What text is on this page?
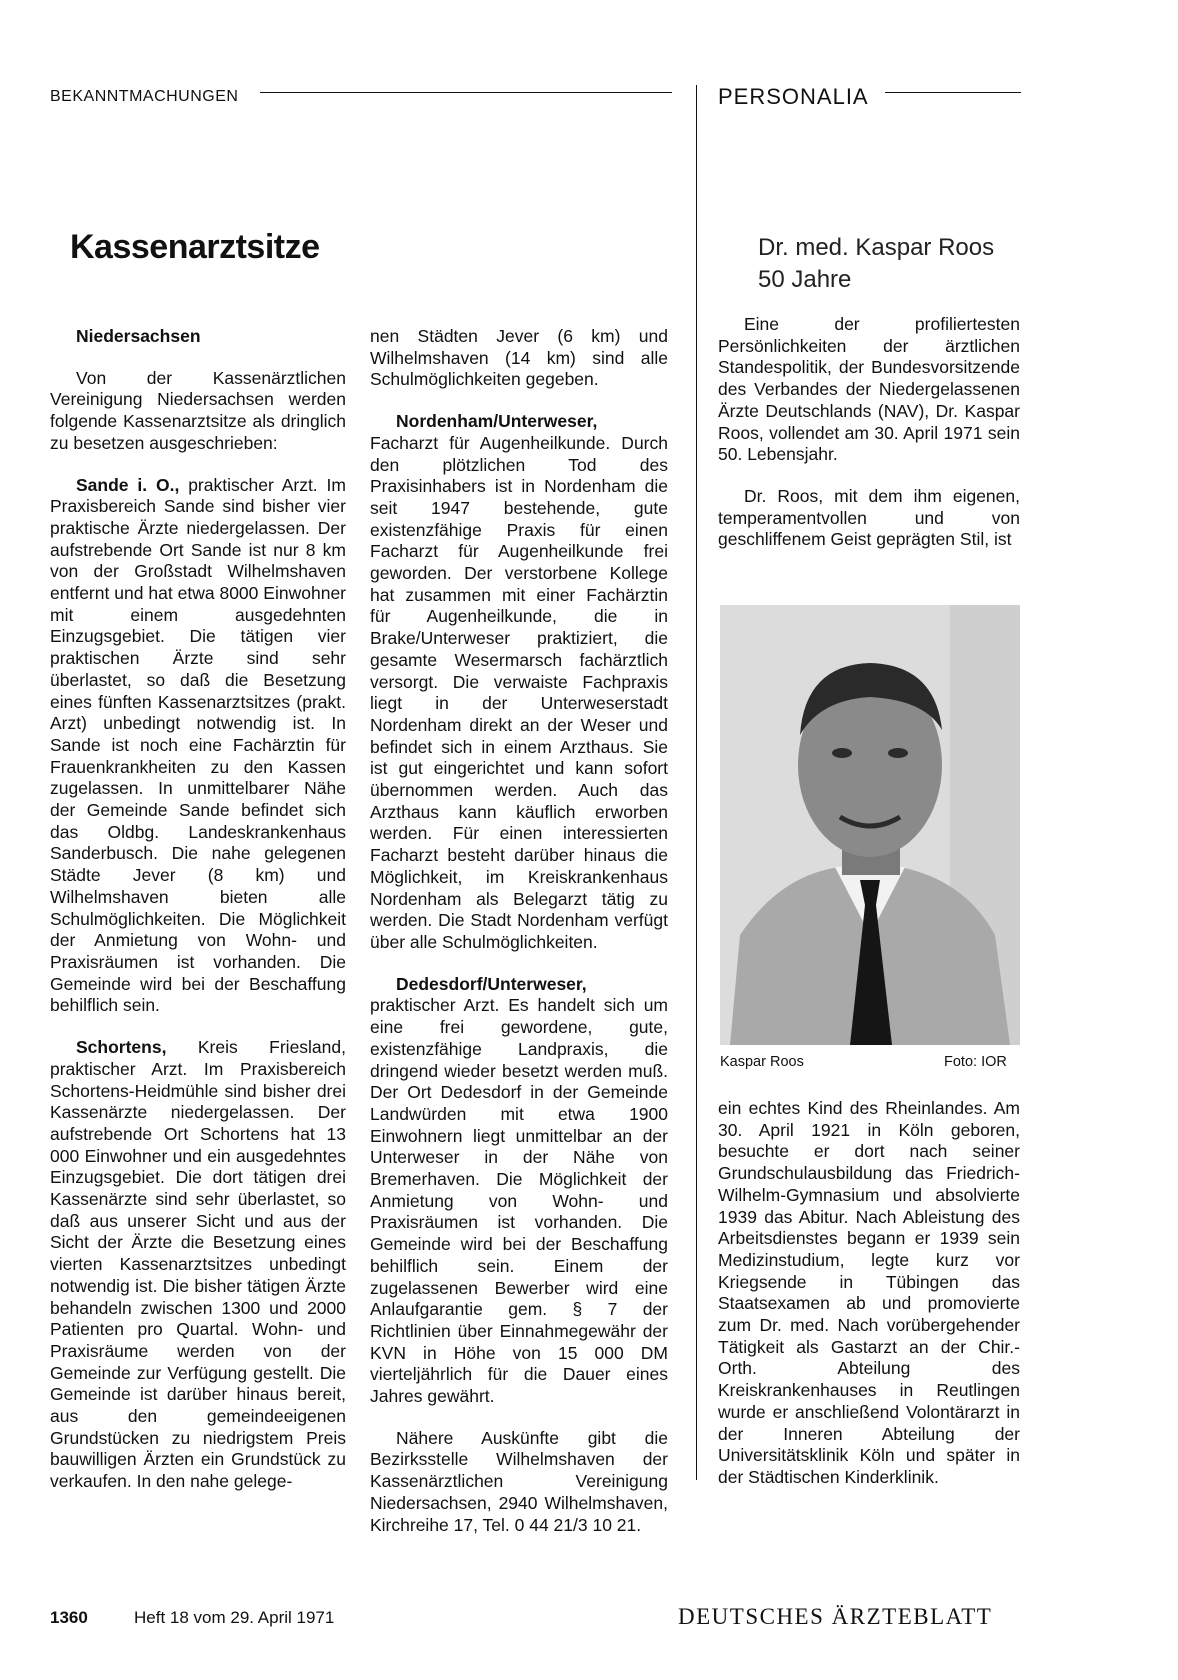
BEKANNTMACHUNGEN	PERSONALIA
Kassenarztsitze

Niedersachsen

Von der Kassenärztlichen Vereinigung Niedersachsen werden folgende Kassenarztsitze als dringlich zu besetzen ausgeschrieben:

Sande i. O., praktischer Arzt. Im Praxisbereich Sande sind bisher vier praktische Ärzte niedergelassen. Der aufstrebende Ort Sande ist nur 8 km von der Großstadt Wilhelmshaven entfernt und hat etwa 8000 Einwohner mit einem ausgedehnten Einzugsgebiet. Die tätigen vier praktischen Ärzte sind sehr überlastet, so daß die Besetzung eines fünften Kassenarztsitzes (prakt. Arzt) unbedingt notwendig ist. In Sande ist noch eine Fachärztin für Frauenkrankheiten zu den Kassen zugelassen. In unmittelbarer Nähe der Gemeinde Sande befindet sich das Oldbg. Landeskrankenhaus Sanderbusch. Die nahe gelegenen Städte Jever (8 km) und Wilhelmshaven bieten alle Schulmöglichkeiten. Die Möglichkeit der Anmietung von Wohn- und Praxisräumen ist vorhanden. Die Gemeinde wird bei der Beschaffung behilflich sein.

Schortens, Kreis Friesland, praktischer Arzt. Im Praxisbereich Schortens-Heidmühle sind bisher drei Kassenärzte niedergelassen. Der aufstrebende Ort Schortens hat 13 000 Einwohner und ein ausgedehntes Einzugsgebiet. Die dort tätigen drei Kassenärzte sind sehr überlastet, so daß aus unserer Sicht und aus der Sicht der Ärzte die Besetzung eines vierten Kassenarztsitzes unbedingt notwendig ist. Die bisher tätigen Ärzte behandeln zwischen 1300 und 2000 Patienten pro Quartal. Wohn- und Praxisräume werden von der Gemeinde zur Verfügung gestellt. Die Gemeinde ist darüber hinaus bereit, aus den gemeindeeigenen Grundstücken zu niedrigstem Preis bauwilligen Ärzten ein Grundstück zu verkaufen. In den nahe gelege-

nen Städten Jever (6 km) und Wilhelmshaven (14 km) sind alle Schulmöglichkeiten gegeben.

Nordenham/Unterweser, Facharzt für Augenheilkunde. Durch den plötzlichen Tod des Praxisinhabers ist in Nordenham die seit 1947 bestehende, gute existenzfähige Praxis für einen Facharzt für Augenheilkunde frei geworden. Der verstorbene Kollege hat zusammen mit einer Fachärztin für Augenheilkunde, die in Brake/Unterweser praktiziert, die gesamte Wesermarsch fachärztlich versorgt. Die verwaiste Fachpraxis liegt in der Unterweserstadt Nordenham direkt an der Weser und befindet sich in einem Arzthaus. Sie ist gut eingerichtet und kann sofort übernommen werden. Auch das Arzthaus kann käuflich erworben werden. Für einen interessierten Facharzt besteht darüber hinaus die Möglichkeit, im Kreiskrankenhaus Nordenham als Belegarzt tätig zu werden. Die Stadt Nordenham verfügt über alle Schulmöglichkeiten.

Dedesdorf/Unterweser, praktischer Arzt. Es handelt sich um eine frei gewordene, gute, existenzfähige Landpraxis, die dringend wieder besetzt werden muß. Der Ort Dedesdorf in der Gemeinde Landwürden mit etwa 1900 Einwohnern liegt unmittelbar an der Unterweser in der Nähe von Bremerhaven. Die Möglichkeit der Anmietung von Wohn- und Praxisräumen ist vorhanden. Die Gemeinde wird bei der Beschaffung behilflich sein. Einem der zugelassenen Bewerber wird eine Anlaufgarantie gem. § 7 der Richtlinien über Einnahmegewähr der KVN in Höhe von 15 000 DM vierteljährlich für die Dauer eines Jahres gewährt.

Nähere Auskünfte gibt die Bezirksstelle Wilhelmshaven der Kassenärztlichen Vereinigung Niedersachsen, 2940 Wilhelmshaven, Kirchreihe 17, Tel. 0 44 21/3 10 21.

Dr. med. Kaspar Roos
50 Jahre

Eine der profiliertesten Persönlichkeiten der ärztlichen Standespolitik, der Bundesvorsitzende des Verbandes der Niedergelassenen Ärzte Deutschlands (NAV), Dr. Kaspar Roos, vollendet am 30. April 1971 sein 50. Lebensjahr.

Dr. Roos, mit dem ihm eigenen, temperamentvollen und von geschliffenem Geist geprägten Stil, ist

Kaspar Roos	Foto: IOR

ein echtes Kind des Rheinlandes. Am 30. April 1921 in Köln geboren, besuchte er dort nach seiner Grundschulausbildung das Friedrich-Wilhelm-Gymnasium und absolvierte 1939 das Abitur. Nach Ableistung des Arbeitsdienstes begann er 1939 sein Medizinstudium, legte kurz vor Kriegsende in Tübingen das Staatsexamen ab und promovierte zum Dr. med. Nach vorübergehender Tätigkeit als Gastarzt an der Chir.-Orth. Abteilung des Kreiskrankenhauses in Reutlingen wurde er anschließend Volontärarzt in der Inneren Abteilung der Universitätsklinik Köln und später in der Städtischen Kinderklinik.

1360	Heft 18 vom 29. April 1971	DEUTSCHES ÄRZTEBLATT
